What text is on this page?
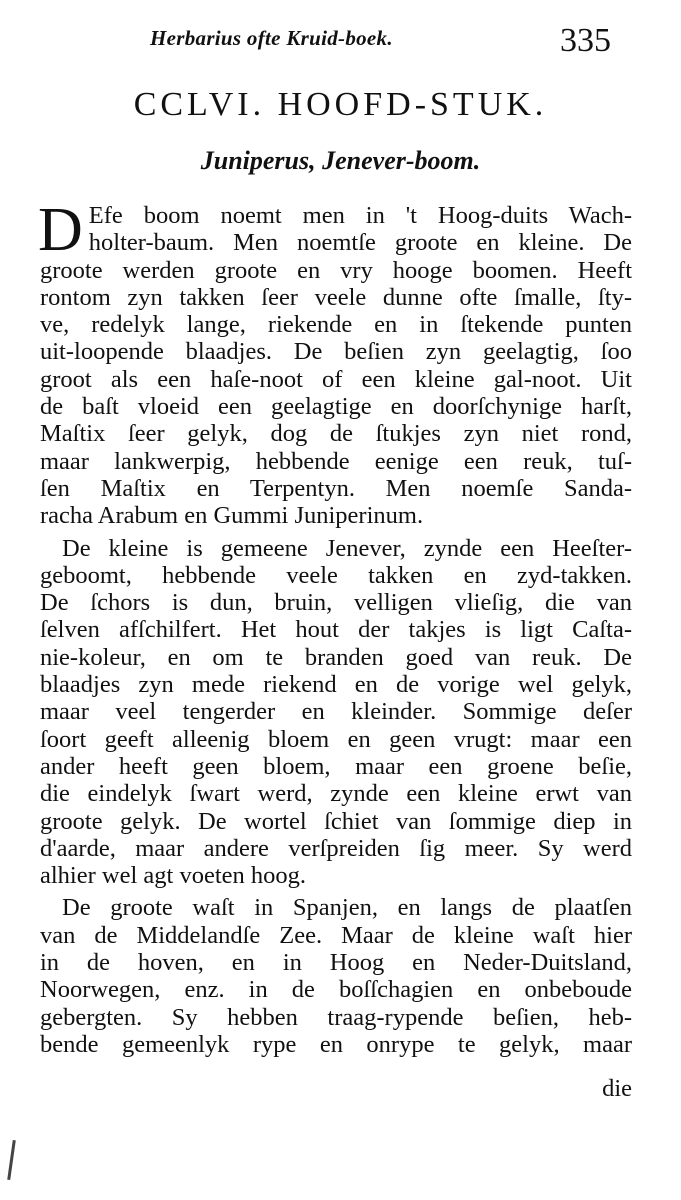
Herbarius ofte Kruid-boek.	335
CCLVI. HOOFD-STUK.
Juniperus, Jenever-boom.
D Efe boom noemt men in 't Hoog-duits Wach-
holter-baum. Men noemtſe groote en kleine. De
groote werden groote en vry hooge boomen. Heeft
rontom zyn takken ſeer veele dunne ofte ſmalle, ſty-
ve, redelyk lange, riekende en in ſtekende punten
uit-loopende blaadjes. De beſien zyn geelagtig, ſoo
groot als een haſe-noot of een kleine gal-noot. Uit
de baſt vloeid een geelagtige en doorſchynige harſt,
Maſtix ſeer gelyk, dog de ſtukjes zyn niet rond,
maar lankwerpig, hebbende eenige een reuk, tuſ-
ſen Maſtix en Terpentyn. Men noemſe Sanda-
racha Arabum en Gummi Juniperinum.
De kleine is gemeene Jenever, zynde een Heeſter-
geboomt, hebbende veele takken en zyd-takken.
De ſchors is dun, bruin, velligen vlieſig, die van
ſelven afſchilfert. Het hout der takjes is ligt Caſta-
nie-koleur, en om te branden goed van reuk. De
blaadjes zyn mede riekend en de vorige wel gelyk,
maar veel tengerder en kleinder. Sommige deſer
ſoort geeft alleenig bloem en geen vrugt: maar een
ander heeft geen bloem, maar een groene beſie,
die eindelyk ſwart werd, zynde een kleine erwt van
groote gelyk. De wortel ſchiet van ſommige diep in
d'aarde, maar andere verſpreiden ſig meer. Sy werd
alhier wel agt voeten hoog.
De groote waſt in Spanjen, en langs de plaatſen
van de Middelandſe Zee. Maar de kleine waſt hier
in de hoven, en in Hoog en Neder-Duitsland,
Noorwegen, enz. in de boſſchagien en onbeboude
gebergten. Sy hebben traag-rypende beſien, heb-
bende gemeenlyk rype en onrype te gelyk, maar
die
